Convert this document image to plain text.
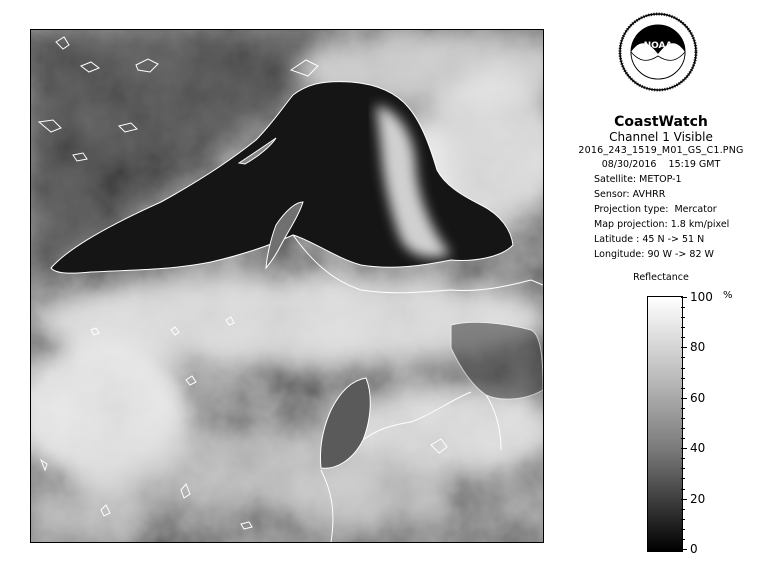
NOAA
CoastWatch
Channel 1 Visible
2016_243_1519_M01_GS_C1.PNG
08/30/2016    15:19 GMT
Satellite: METOP-1
Sensor: AVHRR
Projection type:  Mercator
Map projection: 1.8 km/pixel
Latitude : 45 N -> 51 N
Longitude: 90 W -> 82 W
Reflectance
%
100
80
60
40
20
0
